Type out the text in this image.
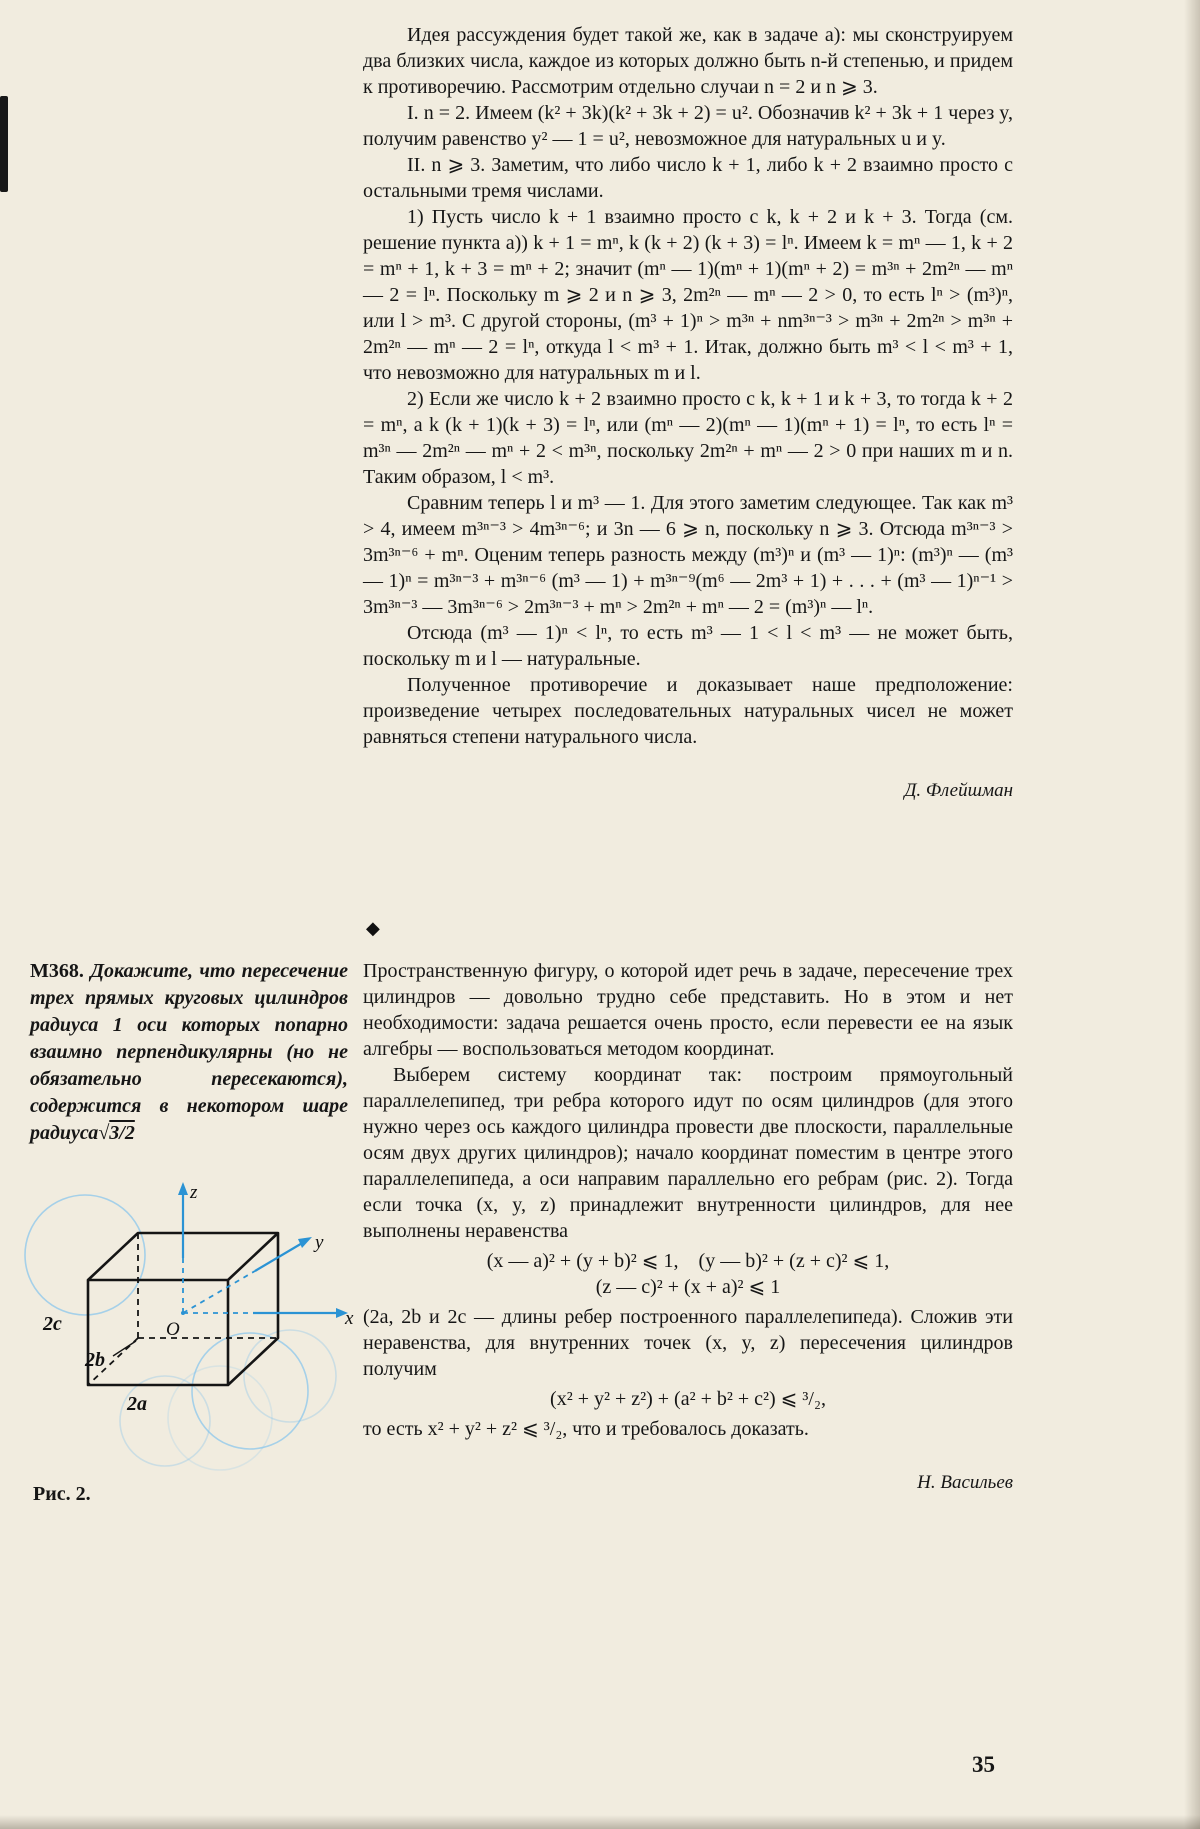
Идея рассуждения будет такой же, как в задаче а): мы сконструируем два близких числа, каждое из которых должно быть n-й степенью, и придем к противоречию. Рассмотрим отдельно случаи n = 2 и n ⩾ 3.

I. n = 2. Имеем (k² + 3k)(k² + 3k + 2) = u². Обозначив k² + 3k + 1 через y, получим равенство y² — 1 = u², невозможное для натуральных u и y.

II. n ⩾ 3. Заметим, что либо число k + 1, либо k + 2 взаимно просто с остальными тремя числами.

1) Пусть число k + 1 взаимно просто с k, k + 2 и k + 3. Тогда (см. решение пункта а)) k + 1 = mⁿ, k (k + 2) (k + 3) = lⁿ. Имеем k = mⁿ — 1, k + 2 = mⁿ + 1, k + 3 = mⁿ + 2; значит (mⁿ — 1)(mⁿ + 1)(mⁿ + 2) = m³ⁿ + 2m²ⁿ — mⁿ — 2 = lⁿ. Поскольку m ⩾ 2 и n ⩾ 3, 2m²ⁿ — mⁿ — 2 > 0, то есть lⁿ > (m³)ⁿ, или l > m³. С другой стороны, (m³ + 1)ⁿ > m³ⁿ + nm³ⁿ⁻³ > m³ⁿ + 2m²ⁿ > m³ⁿ + 2m²ⁿ — mⁿ — 2 = lⁿ, откуда l < m³ + 1. Итак, должно быть m³ < l < m³ + 1, что невозможно для натуральных m и l.

2) Если же число k + 2 взаимно просто с k, k + 1 и k + 3, то тогда k + 2 = mⁿ, а k (k + 1)(k + 3) = lⁿ, или (mⁿ — 2)(mⁿ — 1)(mⁿ + 1) = lⁿ, то есть lⁿ = m³ⁿ — 2m²ⁿ — mⁿ + 2 < m³ⁿ, поскольку 2m²ⁿ + mⁿ — 2 > 0 при наших m и n. Таким образом, l < m³.

Сравним теперь l и m³ — 1. Для этого заметим следующее. Так как m³ > 4, имеем m³ⁿ⁻³ > 4m³ⁿ⁻⁶; и 3n — 6 ⩾ n, поскольку n ⩾ 3. Отсюда m³ⁿ⁻³ > 3m³ⁿ⁻⁶ + mⁿ. Оценим теперь разность между (m³)ⁿ и (m³ — 1)ⁿ: (m³)ⁿ — (m³ — 1)ⁿ = m³ⁿ⁻³ + m³ⁿ⁻⁶ (m³ — 1) + m³ⁿ⁻⁹(m⁶ — 2m³ + 1) + . . . + (m³ — 1)ⁿ⁻¹ > 3m³ⁿ⁻³ — 3m³ⁿ⁻⁶ > 2m³ⁿ⁻³ + mⁿ > 2m²ⁿ + mⁿ — 2 = (m³)ⁿ — lⁿ.

Отсюда (m³ — 1)ⁿ < lⁿ, то есть m³ — 1 < l < m³ — не может быть, поскольку m и l — натуральные.

Полученное противоречие и доказывает наше предположение: произведение четырех последовательных натуральных чисел не может равняться степени натурального числа.

Д. Флейшман

◆

М368. Докажите, что пересечение трех прямых круговых цилиндров радиуса 1 оси которых попарно взаимно перпендикулярны (но не обязательно пересекаются), содержится в некотором шаре радиуса√3/2

z
y
x
O
2c
2b
2a
Рис. 2.

Пространственную фигуру, о которой идет речь в задаче, пересечение трех цилиндров — довольно трудно себе представить. Но в этом и нет необходимости: задача решается очень просто, если перевести ее на язык алгебры — воспользоваться методом координат.

Выберем систему координат так: построим прямоугольный параллелепипед, три ребра которого идут по осям цилиндров (для этого нужно через ось каждого цилиндра провести две плоскости, параллельные осям двух других цилиндров); начало координат поместим в центре этого параллелепипеда, а оси направим параллельно его ребрам (рис. 2). Тогда если точка (x, y, z) принадлежит внутренности цилиндров, для нее выполнены неравенства

(x — a)² + (y + b)² ⩽ 1,    (y — b)² + (z + c)² ⩽ 1,
(z — c)² + (x + a)² ⩽ 1

(2a, 2b и 2c — длины ребер построенного параллелепипеда). Сложив эти неравенства, для внутренних точек (x, y, z) пересечения цилиндров получим

(x² + y² + z²) + (a² + b² + c²) ⩽ ³/₂,

то есть x² + y² + z² ⩽ ³/₂, что и требовалось доказать.

Н. Васильев

35
